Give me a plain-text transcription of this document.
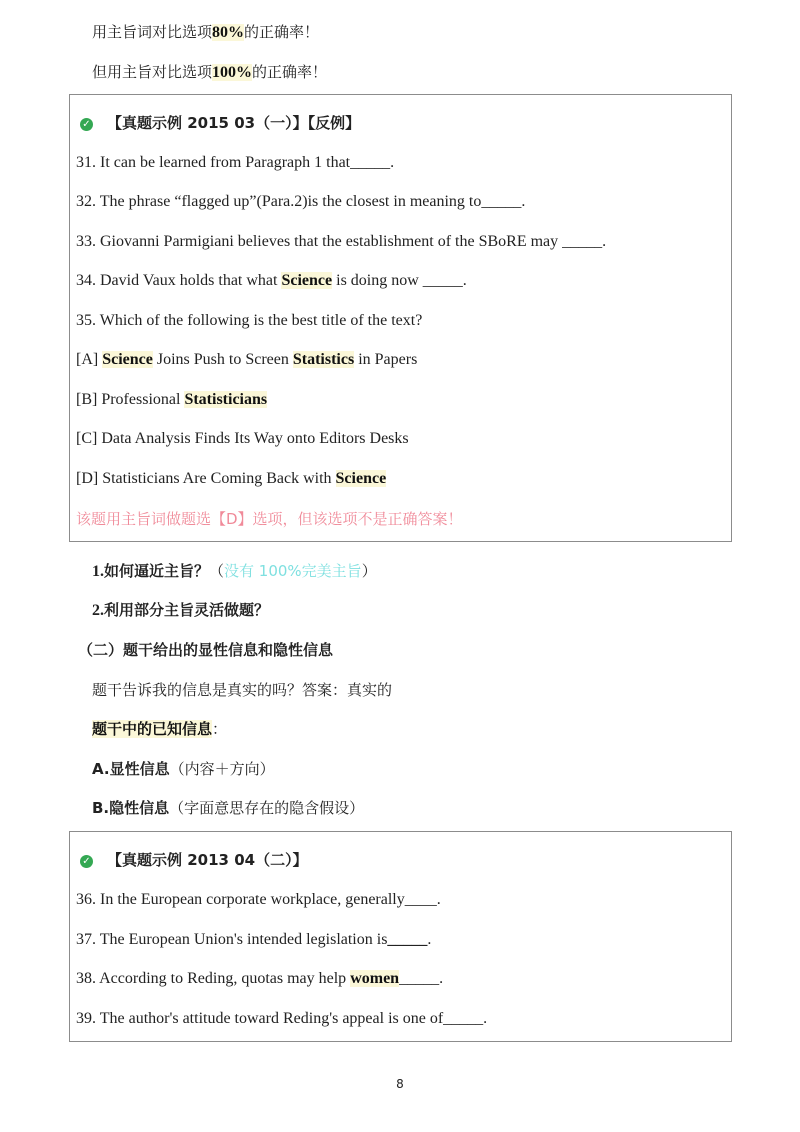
用主旨词对比选项80%的正确率！
但用主旨对比选项100%的正确率！
✓ 【真题示例 2015 03（一）】【反例】
31. It can be learned from Paragraph 1 that_____.
32. The phrase “flagged up”(Para.2)is the closest in meaning to_____.
33. Giovanni Parmigiani believes that the establishment of the SBoRE may _____.
34. David Vaux holds that what Science is doing now _____.
35. Which of the following is the best title of the text?
[A] Science Joins Push to Screen Statistics in Papers
[B] Professional Statisticians
[C] Data Analysis Finds Its Way onto Editors Desks
[D] Statisticians Are Coming Back with Science
该题用主旨词做题选【D】选项，但该选项不是正确答案！
1.如何逼近主旨？（没有 100%完美主旨）
2.利用部分主旨灵活做题？
（二）题干给出的显性信息和隐性信息
题干告诉我的信息是真实的吗？答案：真实的
题干中的已知信息：
A.显性信息（内容＋方向）
B.隐性信息（字面意思存在的隐含假设）
✓ 【真题示例 2013 04（二）】
36. In the European corporate workplace, generally____.
37. The European Union's intended legislation is_____.
38. According to Reding, quotas may help women_____.
39. The author's attitude toward Reding's appeal is one of_____.
8
